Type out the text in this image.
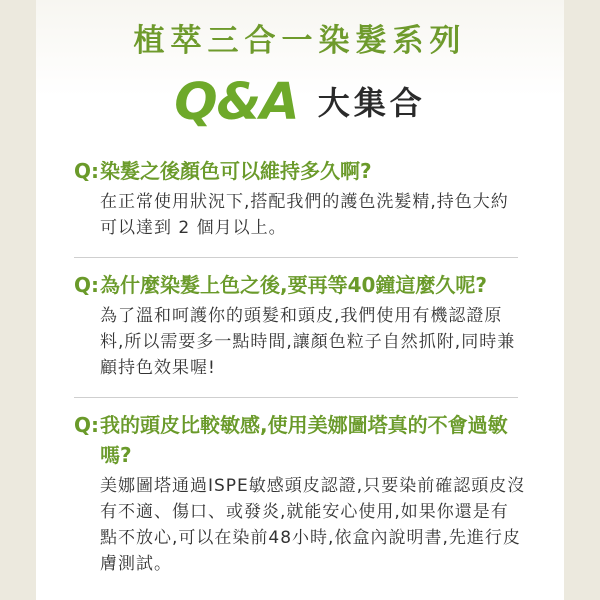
植萃三合一染髮系列
Q&A 大集合
Q: 染髮之後顏色可以維持多久啊?
在正常使用狀況下,搭配我們的護色洗髮精,持色大約可以達到 2 個月以上。
Q: 為什麼染髮上色之後,要再等40鐘這麼久呢?
為了溫和呵護你的頭髮和頭皮,我們使用有機認證原料,所以需要多一點時間,讓顏色粒子自然抓附,同時兼顧持色效果喔!
Q: 我的頭皮比較敏感,使用美娜圖塔真的不會過敏嗎?
美娜圖塔通過ISPE敏感頭皮認證,只要染前確認頭皮沒有不適、傷口、或發炎,就能安心使用,如果你還是有點不放心,可以在染前48小時,依盒內說明書,先進行皮膚測試。
